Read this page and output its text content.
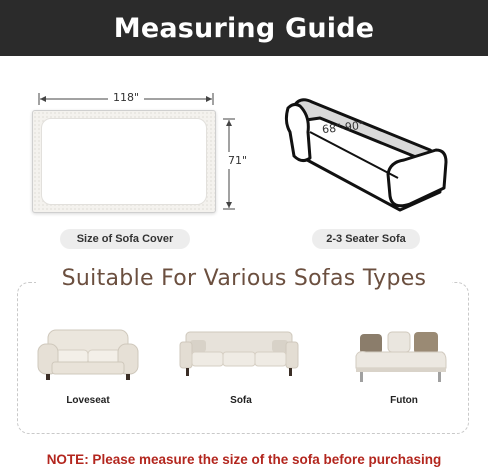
Measuring Guide
118"
71"
Size of Sofa Cover
68"-90"
2-3 Seater Sofa
Suitable For Various Sofas Types
Loveseat	Sofa	Futon
NOTE: Please measure the size of the sofa before purchasing
